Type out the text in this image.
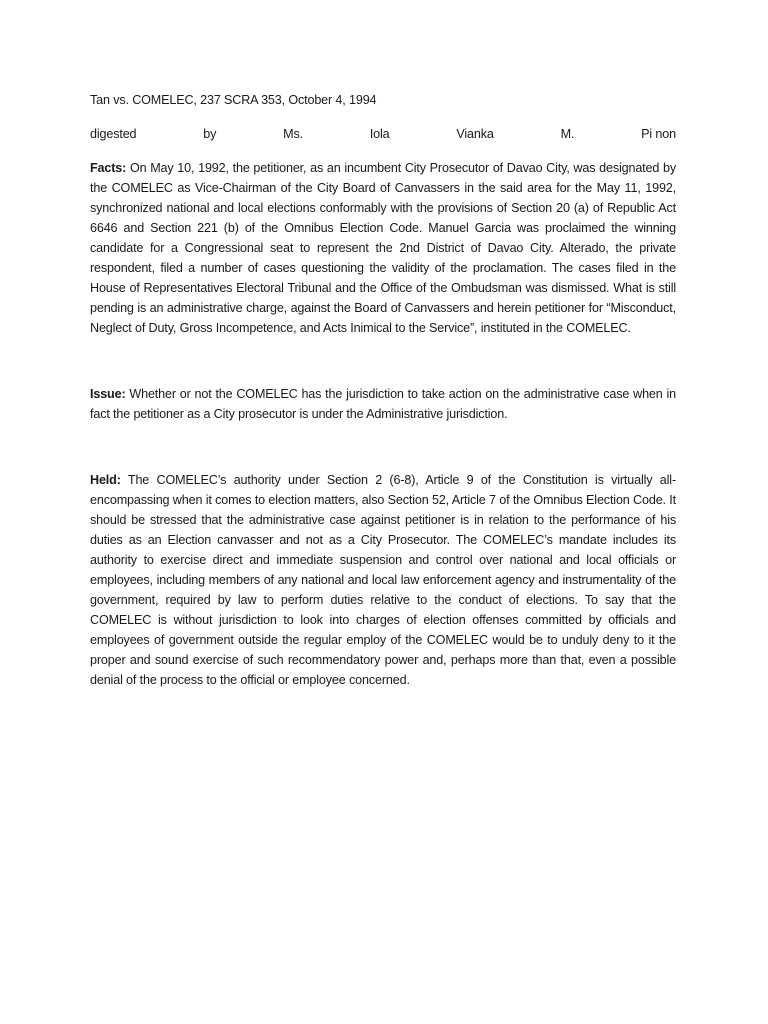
Tan vs. COMELEC, 237 SCRA 353, October 4, 1994

digested	by	Ms.	Iola	Vianka	M.	Pi non

Facts: On May 10, 1992, the petitioner, as an incumbent City Prosecutor of Davao City, was designated by the COMELEC as Vice-Chairman of the City Board of Canvassers in the said area for the May 11, 1992, synchronized national and local elections conformably with the provisions of Section 20 (a) of Republic Act 6646 and Section 221 (b) of the Omnibus Election Code. Manuel Garcia was proclaimed the winning candidate for a Congressional seat to represent the 2nd District of Davao City. Alterado, the private respondent, filed a number of cases questioning the validity of the proclamation. The cases filed in the House of Representatives Electoral Tribunal and the Office of the Ombudsman was dismissed. What is still pending is an administrative charge, against the Board of Canvassers and herein petitioner for “Misconduct, Neglect of Duty, Gross Incompetence, and Acts Inimical to the Service”, instituted in the COMELEC.

Issue: Whether or not the COMELEC has the jurisdiction to take action on the administrative case when in fact the petitioner as a City prosecutor is under the Administrative jurisdiction.

Held: The COMELEC’s authority under Section 2 (6-8), Article 9 of the Constitution is virtually all-encompassing when it comes to election matters, also Section 52, Article 7 of the Omnibus Election Code. It should be stressed that the administrative case against petitioner is in relation to the performance of his duties as an Election canvasser and not as a City Prosecutor. The COMELEC’s mandate includes its authority to exercise direct and immediate suspension and control over national and local officials or employees, including members of any national and local law enforcement agency and instrumentality of the government, required by law to perform duties relative to the conduct of elections. To say that the COMELEC is without jurisdiction to look into charges of election offenses committed by officials and employees of government outside the regular employ of the COMELEC would be to unduly deny to it the proper and sound exercise of such recommendatory power and, perhaps more than that, even a possible denial of the process to the official or employee concerned.
